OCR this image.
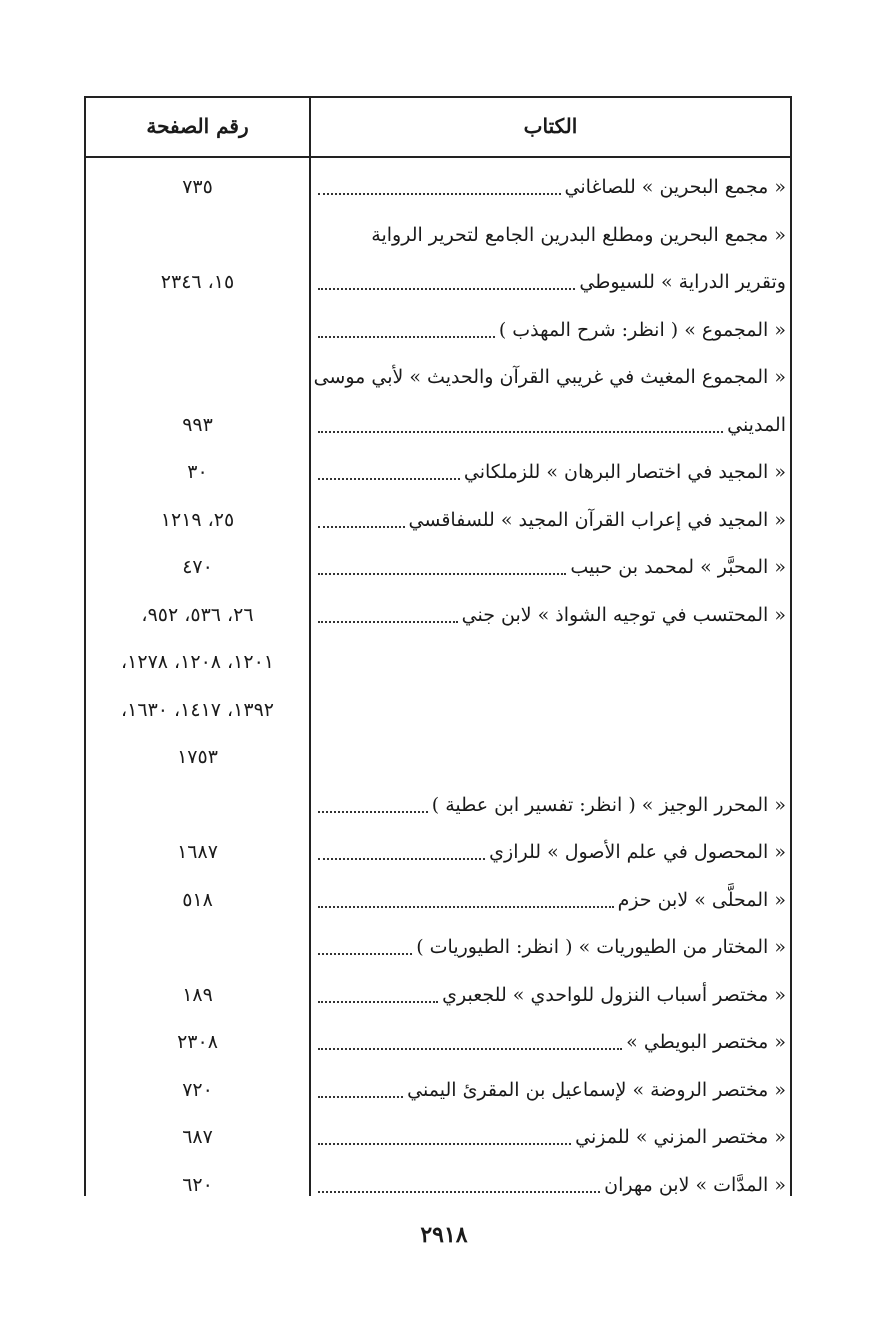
الكتاب
رقم الصفحة
« مجمع البحرين » للصاغاني
٧٣٥
« مجمع البحرين ومطلع البدرين الجامع لتحرير الرواية
وتقرير الدراية » للسيوطي
١٥، ٢٣٤٦
« المجموع » ( انظر: شرح المهذب )
« المجموع المغيث في غريبي القرآن والحديث » لأبي موسى
المديني
٩٩٣
« المجيد في اختصار البرهان » للزملكاني
٣٠
« المجيد في إعراب القرآن المجيد » للسفاقسي
٢٥، ١٢١٩
« المحبَّر » لمحمد بن حبيب
٤٧٠
« المحتسب في توجيه الشواذ » لابن جني
٢٦، ٥٣٦، ٩٥٢،
١٢٠١، ١٢٠٨، ١٢٧٨،
١٣٩٢، ١٤١٧، ١٦٣٠،
١٧٥٣
« المحرر الوجيز » ( انظر: تفسير ابن عطية )
« المحصول في علم الأصول » للرازي
١٦٨٧
« المحلَّى » لابن حزم
٥١٨
« المختار من الطيوريات » ( انظر: الطيوريات )
« مختصر أسباب النزول للواحدي » للجعبري
١٨٩
« مختصر البويطي »
٢٣٠٨
« مختصر الروضة » لإسماعيل بن المقرئ اليمني
٧٢٠
« مختصر المزني » للمزني
٦٨٧
« المدَّات » لابن مهران
٦٢٠
٢٩١٨
